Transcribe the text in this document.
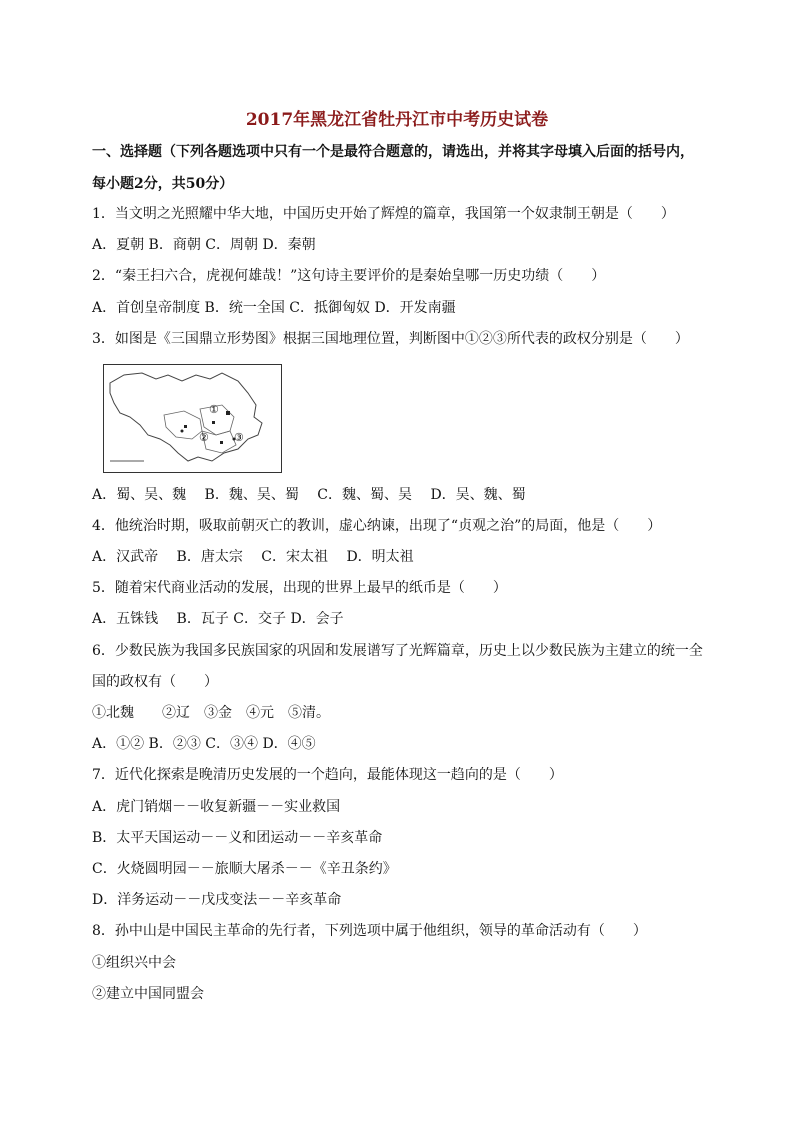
2017年黑龙江省牡丹江市中考历史试卷
一、选择题（下列各题选项中只有一个是最符合题意的，请选出，并将其字母填入后面的括号内，
每小题2分，共50分）
1．当文明之光照耀中华大地，中国历史开始了辉煌的篇章，我国第一个奴隶制王朝是（　　）
A．夏朝 B．商朝 C．周朝 D．秦朝
2．“秦王扫六合，虎视何雄哉！”这句诗主要评价的是秦始皇哪一历史功绩（　　）
A．首创皇帝制度 B．统一全国 C．抵御匈奴 D．开发南疆
3．如图是《三国鼎立形势图》根据三国地理位置，判断图中①②③所代表的政权分别是（　　）
①
② ③
A．蜀、吴、魏　 B．魏、吴、蜀　 C．魏、蜀、吴　 D．吴、魏、蜀
4．他统治时期，吸取前朝灭亡的教训，虚心纳谏，出现了“贞观之治”的局面，他是（　　）
A．汉武帝　 B．唐太宗　 C．宋太祖　 D．明太祖
5．随着宋代商业活动的发展，出现的世界上最早的纸币是（　　）
A．五铢钱　 B．瓦子 C．交子 D．会子
6．少数民族为我国多民族国家的巩固和发展谱写了光辉篇章，历史上以少数民族为主建立的统一全
国的政权有（　　）
①北魏　　②辽　③金　④元　⑤清。
A．①② B．②③ C．③④ D．④⑤
7．近代化探索是晚清历史发展的一个趋向，最能体现这一趋向的是（　　）
A．虎门销烟－－收复新疆－－实业救国
B．太平天国运动－－义和团运动－－辛亥革命
C．火烧圆明园－－旅顺大屠杀－－《辛丑条约》
D．洋务运动－－戊戌变法－－辛亥革命
8．孙中山是中国民主革命的先行者，下列选项中属于他组织，领导的革命活动有（　　）
①组织兴中会
②建立中国同盟会
